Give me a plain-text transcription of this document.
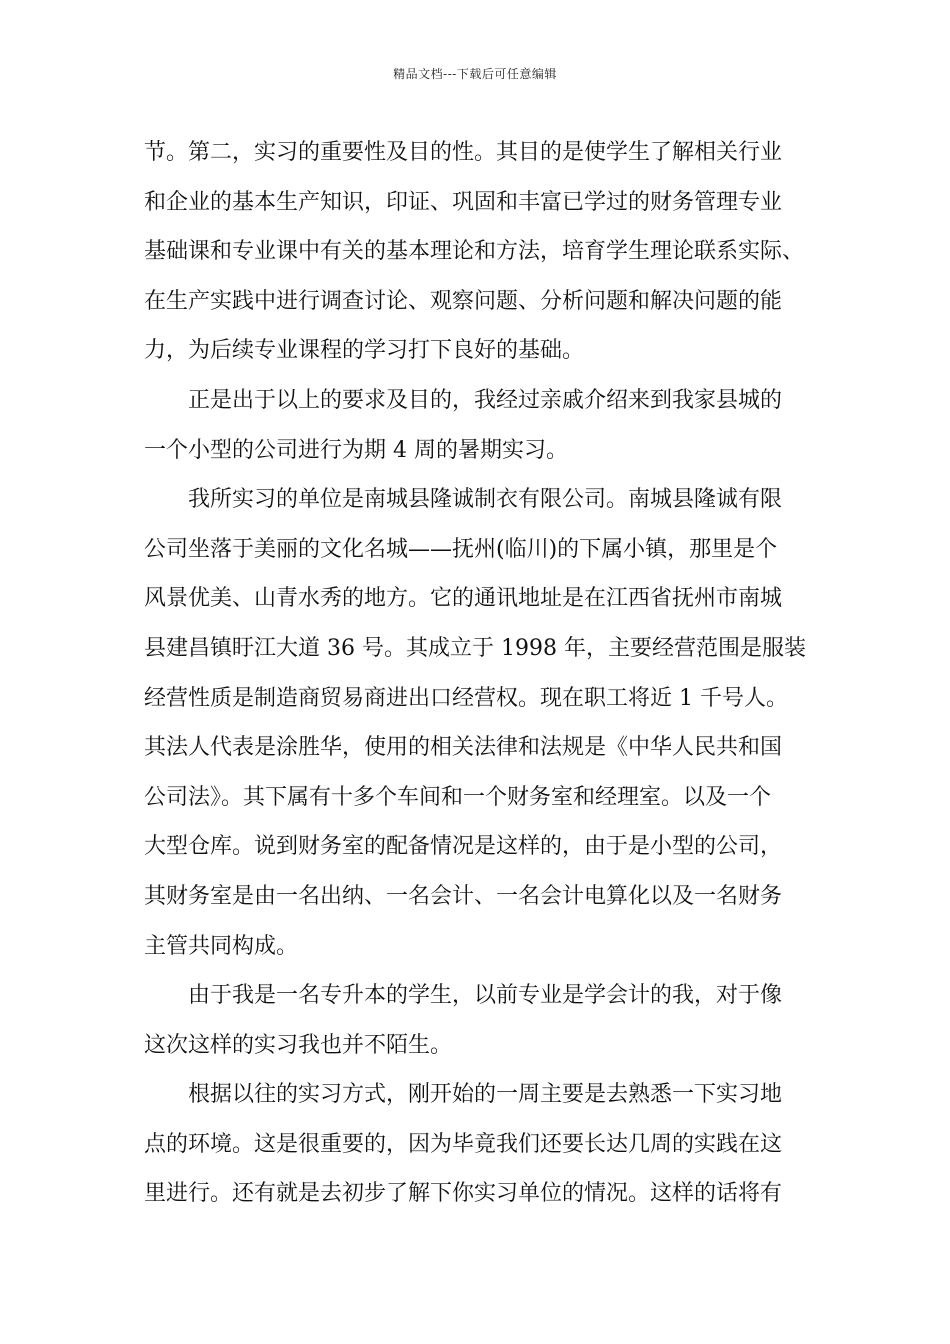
精品文档---下载后可任意编辑
节。第二，实习的重要性及目的性。其目的是使学生了解相关行业
和企业的基本生产知识，印证、巩固和丰富已学过的财务管理专业
基础课和专业课中有关的基本理论和方法，培育学生理论联系实际、
在生产实践中进行调查讨论、观察问题、分析问题和解决问题的能
力，为后续专业课程的学习打下良好的基础。
正是出于以上的要求及目的，我经过亲戚介绍来到我家县城的
一个小型的公司进行为期 4 周的暑期实习。
我所实习的单位是南城县隆诚制衣有限公司。南城县隆诚有限
公司坐落于美丽的文化名城——抚州(临川)的下属小镇，那里是个
风景优美、山青水秀的地方。它的通讯地址是在江西省抚州市南城
县建昌镇盱江大道 36 号。其成立于 1998 年，主要经营范围是服装
经营性质是制造商贸易商进出口经营权。现在职工将近 1 千号人。
其法人代表是涂胜华，使用的相关法律和法规是《中华人民共和国
公司法》。其下属有十多个车间和一个财务室和经理室。以及一个
大型仓库。说到财务室的配备情况是这样的，由于是小型的公司，
其财务室是由一名出纳、一名会计、一名会计电算化以及一名财务
主管共同构成。
由于我是一名专升本的学生，以前专业是学会计的我，对于像
这次这样的实习我也并不陌生。
根据以往的实习方式，刚开始的一周主要是去熟悉一下实习地
点的环境。这是很重要的，因为毕竟我们还要长达几周的实践在这
里进行。还有就是去初步了解下你实习单位的情况。这样的话将有
